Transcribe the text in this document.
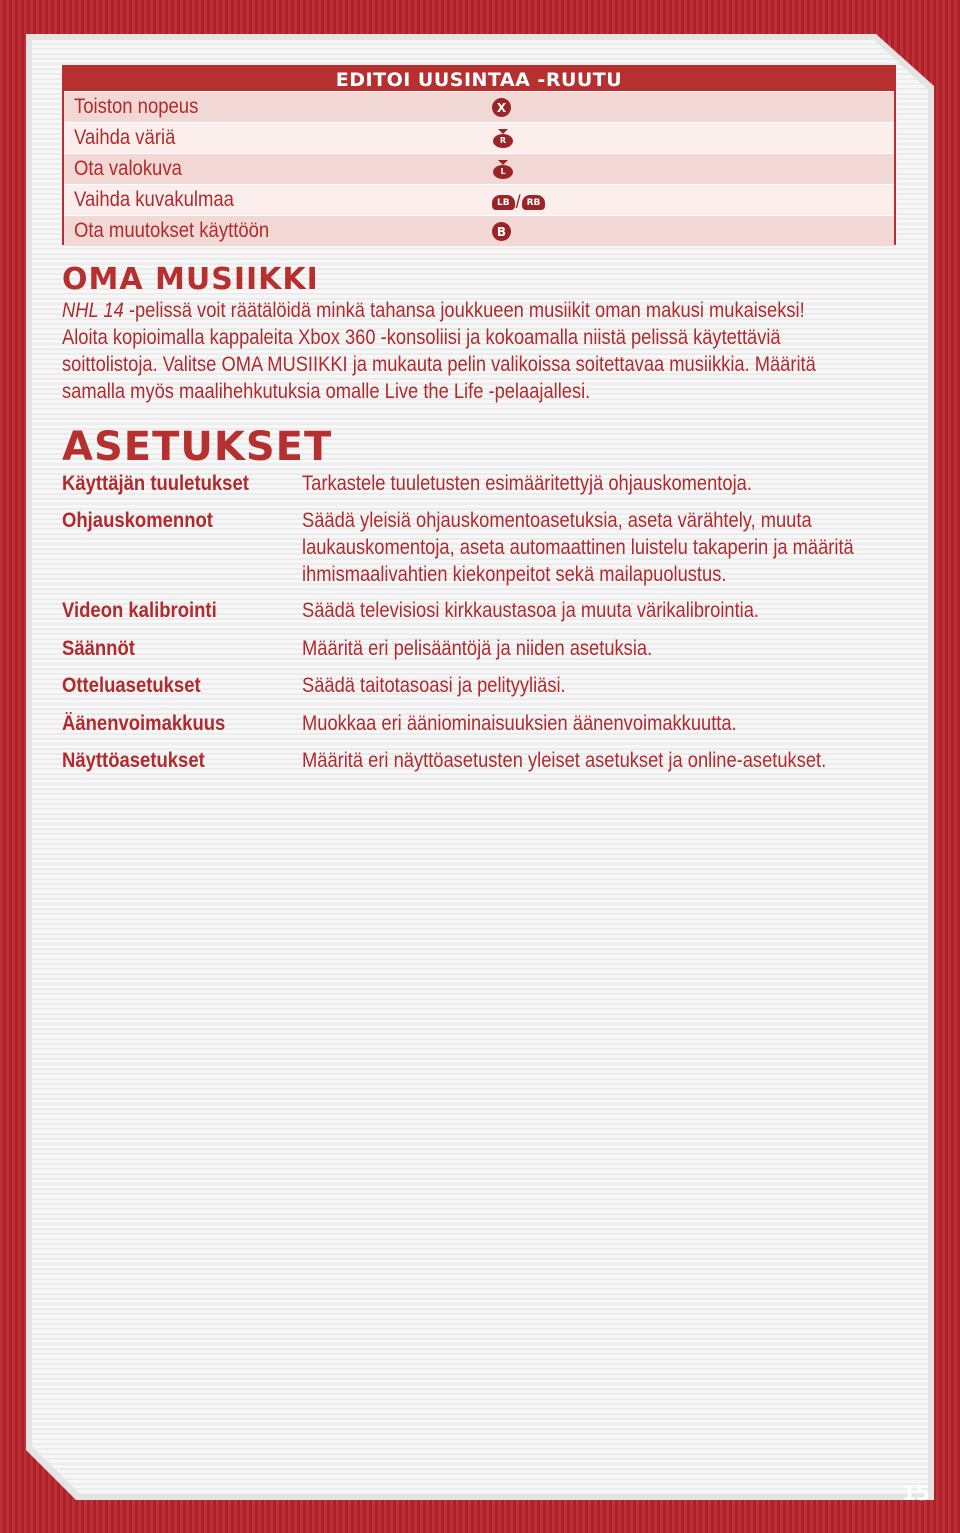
EDITOI UUSINTAA -RUUTU
Toiston nopeus	X
Vaihda väriä	R
Ota valokuva	L
Vaihda kuvakulmaa	LB / RB
Ota muutokset käyttöön	B
OMA MUSIIKKI

NHL 14 -pelissä voit räätälöidä minkä tahansa joukkueen musiikit oman makusi mukaiseksi!

Aloita kopioimalla kappaleita Xbox 360 -konsoliisi ja kokoamalla niistä pelissä käytettäviä

soittolistoja. Valitse OMA MUSIIKKI ja mukauta pelin valikoissa soitettavaa musiikkia. Määritä

samalla myös maalihehkutuksia omalle Live the Life -pelaajallesi.

ASETUKSET
Käyttäjän tuuletukset	Tarkastele tuuletusten esimääritettyjä ohjauskomentoja.
Ohjauskomennot	Säädä yleisiä ohjauskomentoasetuksia, aseta värähtely, muuta laukauskomentoja, aseta automaattinen luistelu takaperin ja määritä ihmismaalivahtien kiekonpeitot sekä mailapuolustus.
Videon kalibrointi	Säädä televisiosi kirkkaustasoa ja muuta värikalibrointia.
Säännöt	Määritä eri pelisääntöjä ja niiden asetuksia.
Otteluasetukset	Säädä taitotasoasi ja pelityyliäsi.
Äänenvoimakkuus	Muokkaa eri ääniominaisuuksien äänenvoimakkuutta.
Näyttöasetukset	Määritä eri näyttöasetusten yleiset asetukset ja online-asetukset.
15
